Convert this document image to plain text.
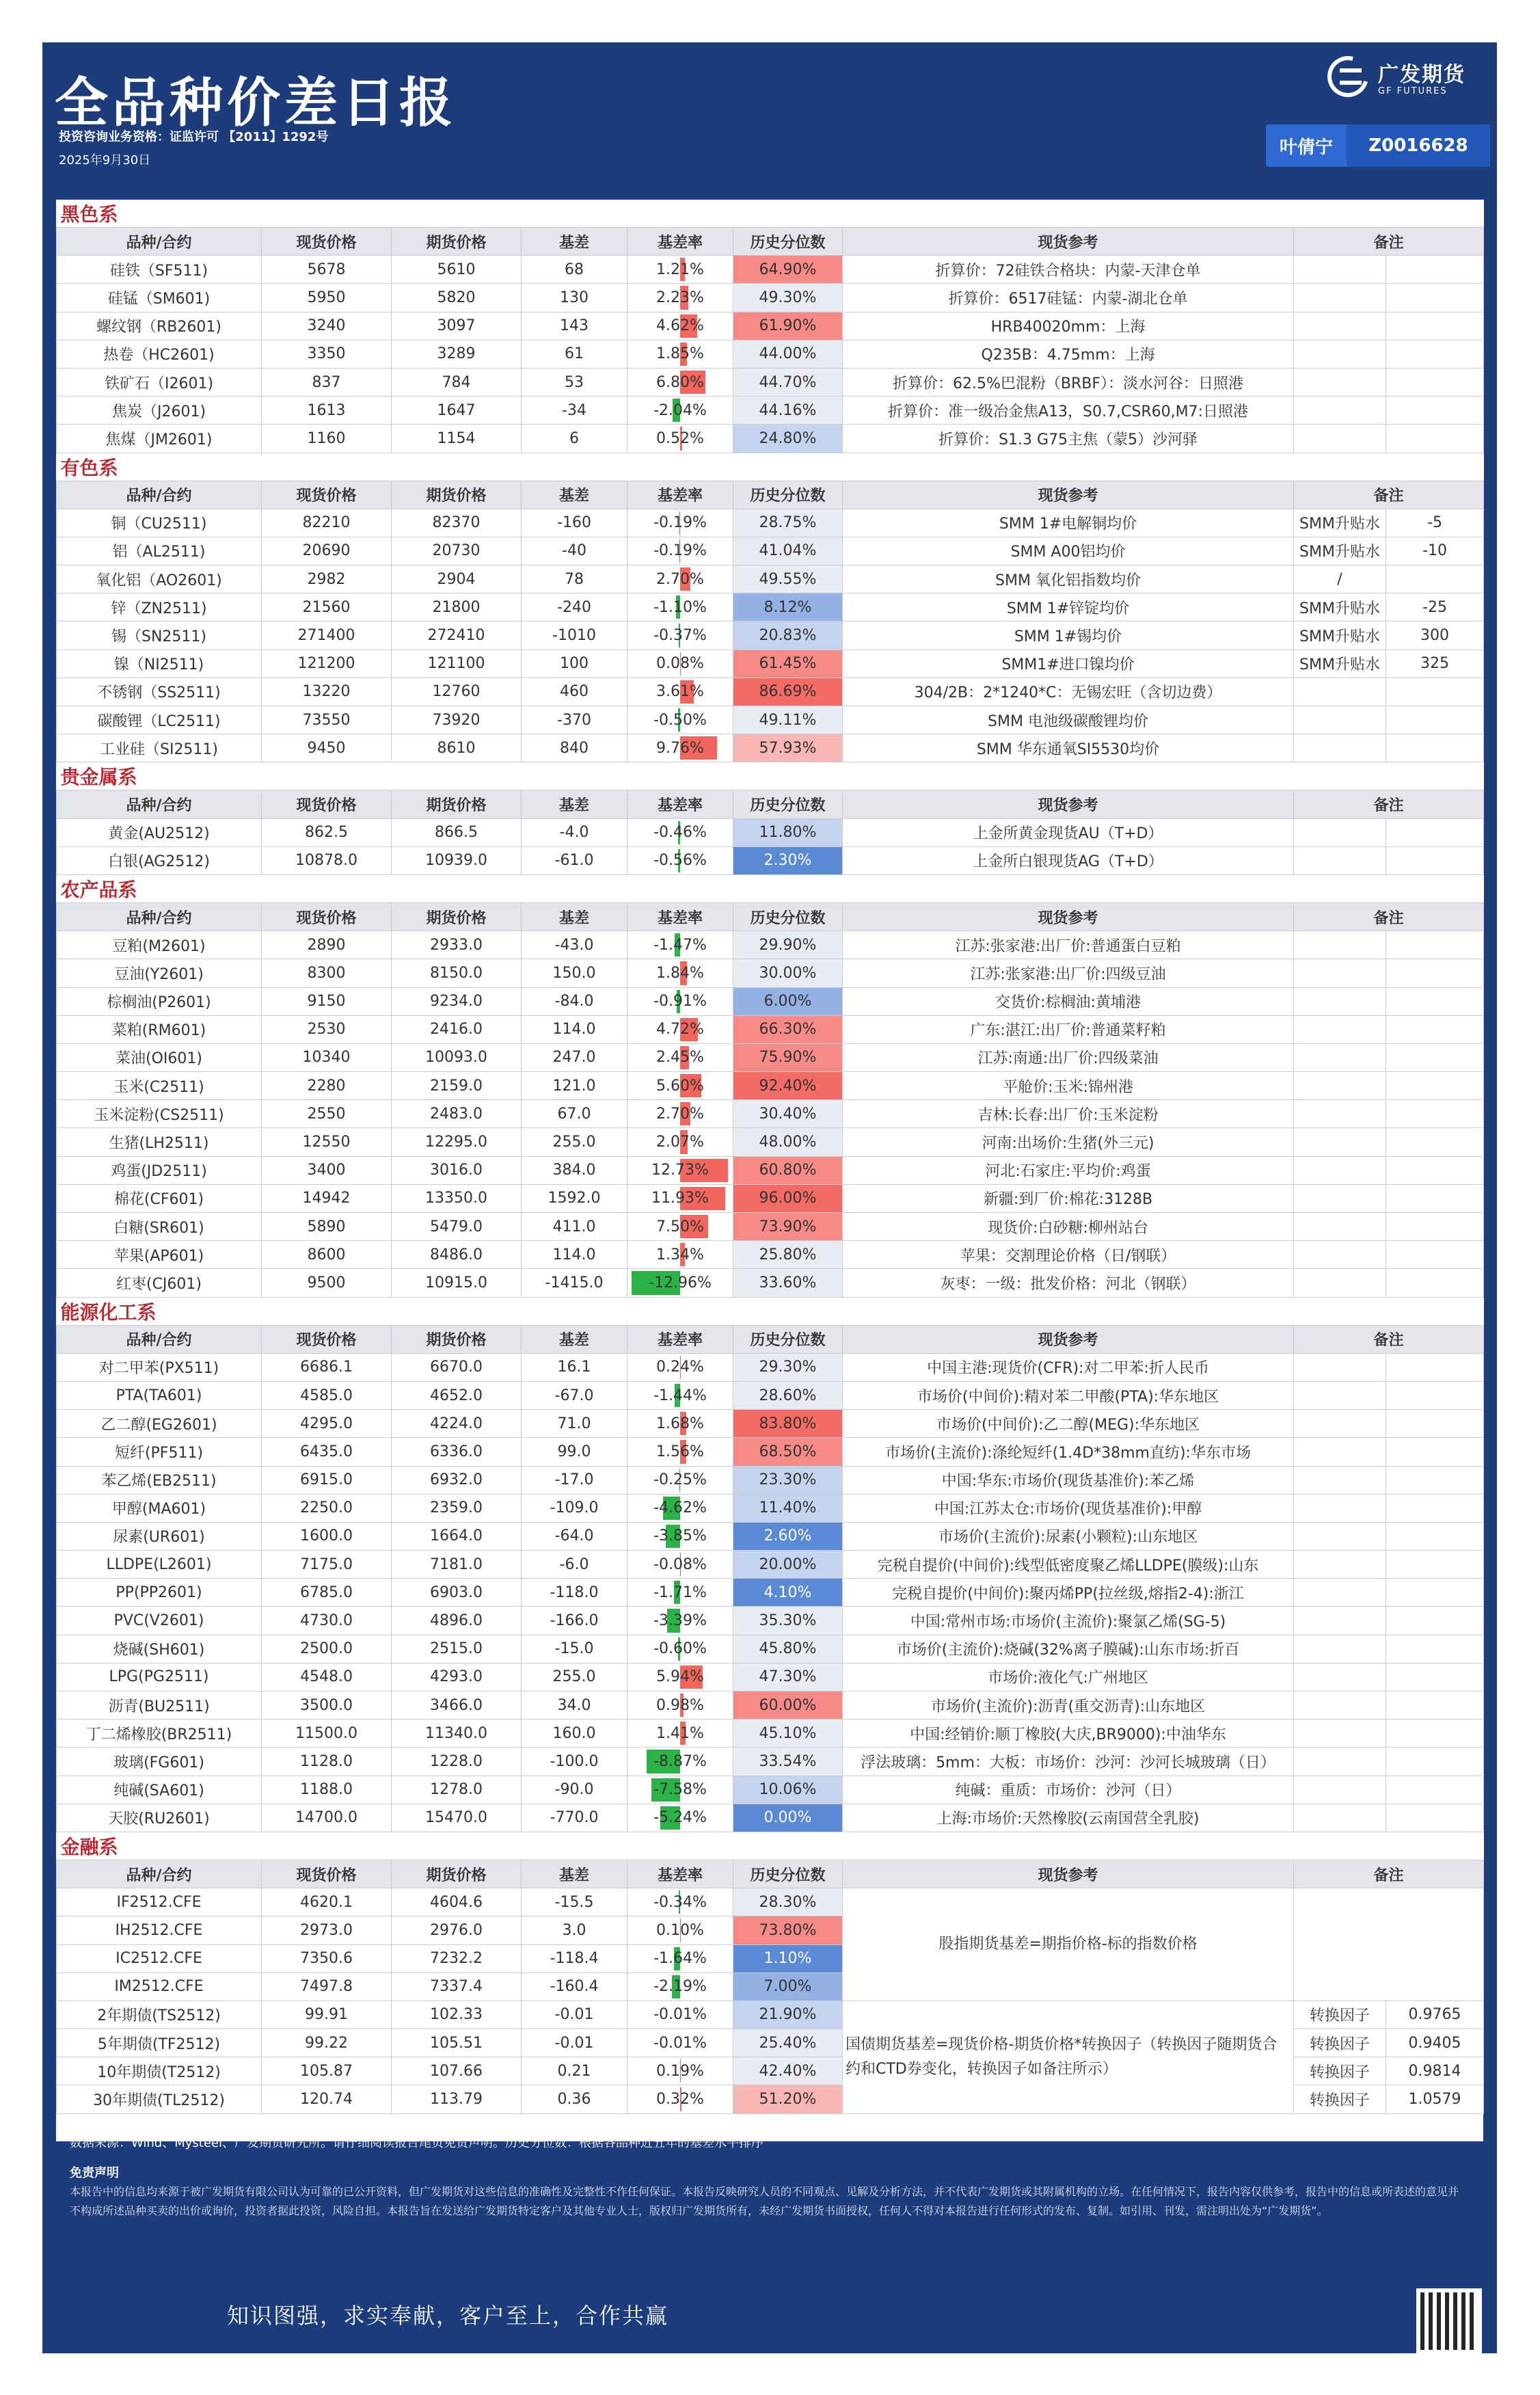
全品种价差日报
投资咨询业务资格：证监许可 【2011】1292号
2025年9月30日
广发期货
GF FUTURES
叶倩宁	Z0016628
黑色系								
品种/合约	现货价格	期货价格	基差	基差率	历史分位数	现货参考	备注	
硅铁（SF511)	5678	5610	68	1.21%	64.90%	折算价：72硅铁合格块：内蒙-天津仓单		
硅锰（SM601)	5950	5820	130	2.23%	49.30%	折算价：6517硅锰：内蒙-湖北仓单		
螺纹钢（RB2601)	3240	3097	143	4.62%	61.90%	HRB40020mm：上海		
热卷（HC2601)	3350	3289	61	1.85%	44.00%	Q235B：4.75mm：上海		
铁矿石（I2601)	837	784	53	6.80%	44.70%	折算价：62.5%巴混粉（BRBF）：淡水河谷：日照港		
焦炭（J2601)	1613	1647	-34	-2.04%	44.16%	折算价：准一级冶金焦A13，S0.7,CSR60,M7:日照港		
焦煤（JM2601)	1160	1154	6	0.52%	24.80%	折算价：S1.3 G75主焦（蒙5）沙河驿		
有色系								
品种/合约	现货价格	期货价格	基差	基差率	历史分位数	现货参考	备注	
铜（CU2511)	82210	82370	-160	-0.19%	28.75%	SMM 1#电解铜均价	SMM升贴水	-5
铝（AL2511)	20690	20730	-40	-0.19%	41.04%	SMM A00铝均价	SMM升贴水	-10
氧化铝（AO2601)	2982	2904	78	2.70%	49.55%	SMM 氧化铝指数均价	/	
锌（ZN2511)	21560	21800	-240	-1.10%	8.12%	SMM 1#锌锭均价	SMM升贴水	-25
锡（SN2511)	271400	272410	-1010	-0.37%	20.83%	SMM 1#锡均价	SMM升贴水	300
镍（NI2511)	121200	121100	100	0.08%	61.45%	SMM1#进口镍均价	SMM升贴水	325
不锈钢（SS2511)	13220	12760	460	3.61%	86.69%	304/2B：2*1240*C：无锡宏旺（含切边费）		
碳酸锂（LC2511)	73550	73920	-370	-0.50%	49.11%	SMM 电池级碳酸锂均价		
工业硅（SI2511)	9450	8610	840	9.76%	57.93%	SMM 华东通氧SI5530均价		
贵金属系								
品种/合约	现货价格	期货价格	基差	基差率	历史分位数	现货参考	备注	
黄金(AU2512)	862.5	866.5	-4.0	-0.46%	11.80%	上金所黄金现货AU（T+D）		
白银(AG2512)	10878.0	10939.0	-61.0	-0.56%	2.30%	上金所白银现货AG（T+D）		
农产品系								
品种/合约	现货价格	期货价格	基差	基差率	历史分位数	现货参考	备注	
豆粕(M2601)	2890	2933.0	-43.0	-1.47%	29.90%	江苏:张家港:出厂价:普通蛋白豆粕		
豆油(Y2601)	8300	8150.0	150.0	1.84%	30.00%	江苏:张家港:出厂价:四级豆油		
棕榈油(P2601)	9150	9234.0	-84.0	-0.91%	6.00%	交货价:棕榈油:黄埔港		
菜粕(RM601)	2530	2416.0	114.0	4.72%	66.30%	广东:湛江:出厂价:普通菜籽粕		
菜油(OI601)	10340	10093.0	247.0	2.45%	75.90%	江苏:南通:出厂价:四级菜油		
玉米(C2511)	2280	2159.0	121.0	5.60%	92.40%	平舱价:玉米:锦州港		
玉米淀粉(CS2511)	2550	2483.0	67.0	2.70%	30.40%	吉林:长春:出厂价:玉米淀粉		
生猪(LH2511)	12550	12295.0	255.0	2.07%	48.00%	河南:出场价:生猪(外三元)		
鸡蛋(JD2511)	3400	3016.0	384.0	12.73%	60.80%	河北:石家庄:平均价:鸡蛋		
棉花(CF601)	14942	13350.0	1592.0	11.93%	96.00%	新疆:到厂价:棉花:3128B		
白糖(SR601)	5890	5479.0	411.0	7.50%	73.90%	现货价:白砂糖:柳州站台		
苹果(AP601)	8600	8486.0	114.0	1.34%	25.80%	苹果：交割理论价格（日/钢联）		
红枣(CJ601)	9500	10915.0	-1415.0	-12.96%	33.60%	灰枣：一级：批发价格：河北（钢联）		
能源化工系								
品种/合约	现货价格	期货价格	基差	基差率	历史分位数	现货参考	备注	
对二甲苯(PX511)	6686.1	6670.0	16.1	0.24%	29.30%	中国主港:现货价(CFR):对二甲苯:折人民币		
PTA(TA601)	4585.0	4652.0	-67.0	-1.44%	28.60%	市场价(中间价):精对苯二甲酸(PTA):华东地区		
乙二醇(EG2601)	4295.0	4224.0	71.0	1.68%	83.80%	市场价(中间价):乙二醇(MEG):华东地区		
短纤(PF511)	6435.0	6336.0	99.0	1.56%	68.50%	市场价(主流价):涤纶短纤(1.4D*38mm直纺):华东市场		
苯乙烯(EB2511)	6915.0	6932.0	-17.0	-0.25%	23.30%	中国:华东:市场价(现货基准价):苯乙烯		
甲醇(MA601)	2250.0	2359.0	-109.0	-4.62%	11.40%	中国:江苏太仓:市场价(现货基准价):甲醇		
尿素(UR601)	1600.0	1664.0	-64.0	-3.85%	2.60%	市场价(主流价):尿素(小颗粒):山东地区		
LLDPE(L2601)	7175.0	7181.0	-6.0	-0.08%	20.00%	完税自提价(中间价):线型低密度聚乙烯LLDPE(膜级):山东		
PP(PP2601)	6785.0	6903.0	-118.0	-1.71%	4.10%	完税自提价(中间价):聚丙烯PP(拉丝级,熔指2-4):浙江		
PVC(V2601)	4730.0	4896.0	-166.0	-3.39%	35.30%	中国:常州市场:市场价(主流价):聚氯乙烯(SG-5)		
烧碱(SH601)	2500.0	2515.0	-15.0	-0.60%	45.80%	市场价(主流价):烧碱(32%离子膜碱):山东市场:折百		
LPG(PG2511)	4548.0	4293.0	255.0	5.94%	47.30%	市场价:液化气:广州地区		
沥青(BU2511)	3500.0	3466.0	34.0	0.98%	60.00%	市场价(主流价):沥青(重交沥青):山东地区		
丁二烯橡胶(BR2511)	11500.0	11340.0	160.0	1.41%	45.10%	中国:经销价:顺丁橡胶(大庆,BR9000):中油华东		
玻璃(FG601)	1128.0	1228.0	-100.0	-8.87%	33.54%	浮法玻璃：5mm：大板：市场价：沙河：沙河长城玻璃（日）		
纯碱(SA601)	1188.0	1278.0	-90.0	-7.58%	10.06%	纯碱：重质：市场价：沙河（日）		
天胶(RU2601)	14700.0	15470.0	-770.0	-5.24%	0.00%	上海:市场价:天然橡胶(云南国营全乳胶)		
金融系								
品种/合约	现货价格	期货价格	基差	基差率	历史分位数	现货参考	备注	
IF2512.CFE	4620.1	4604.6	-15.5	-0.34%	28.30%	股指期货基差=期指价格-标的指数价格		
IH2512.CFE	2973.0	2976.0	3.0	0.10%	73.80%			
IC2512.CFE	7350.6	7232.2	-118.4	-1.64%	1.10%			
IM2512.CFE	7497.8	7337.4	-160.4	-2.19%	7.00%			
2年期债(TS2512)	99.91	102.33	-0.01	-0.01%	21.90%	国债期货基差=现货价格-期货价格*转换因子（转换因子随期货合约和CTD券变化，转换因子如备注所示）	转换因子	0.9765
5年期债(TF2512)	99.22	105.51	-0.01	-0.01%	25.40%		转换因子	0.9405
10年期债(T2512)	105.87	107.66	0.21	0.19%	42.40%		转换因子	0.9814
30年期债(TL2512)	120.74	113.79	0.36	0.32%	51.20%		转换因子	1.0579
数据来源：Wind、Mysteel、广发期货研究所。请仔细阅读报告尾页免责声明。历史分位数：根据各品种近五年的基差水平排序
免责声明
本报告中的信息均来源于被广发期货有限公司认为可靠的已公开资料，但广发期货对这些信息的准确性及完整性不作任何保证。本报告反映研究人员的不同观点、见解及分析方法，并不代表广发期货或其附属机构的立场。在任何情况下，报告内容仅供参考，报告中的信息或所表述的意见并不构成所述品种买卖的出价或询价，投资者据此投资，风险自担。本报告旨在发送给广发期货特定客户及其他专业人士，版权归广发期货所有，未经广发期货书面授权，任何人不得对本报告进行任何形式的发布、复制。如引用、刊发，需注明出处为“广发期货”。
知识图强，求实奉献，客户至上，合作共赢
关注微信公众号
